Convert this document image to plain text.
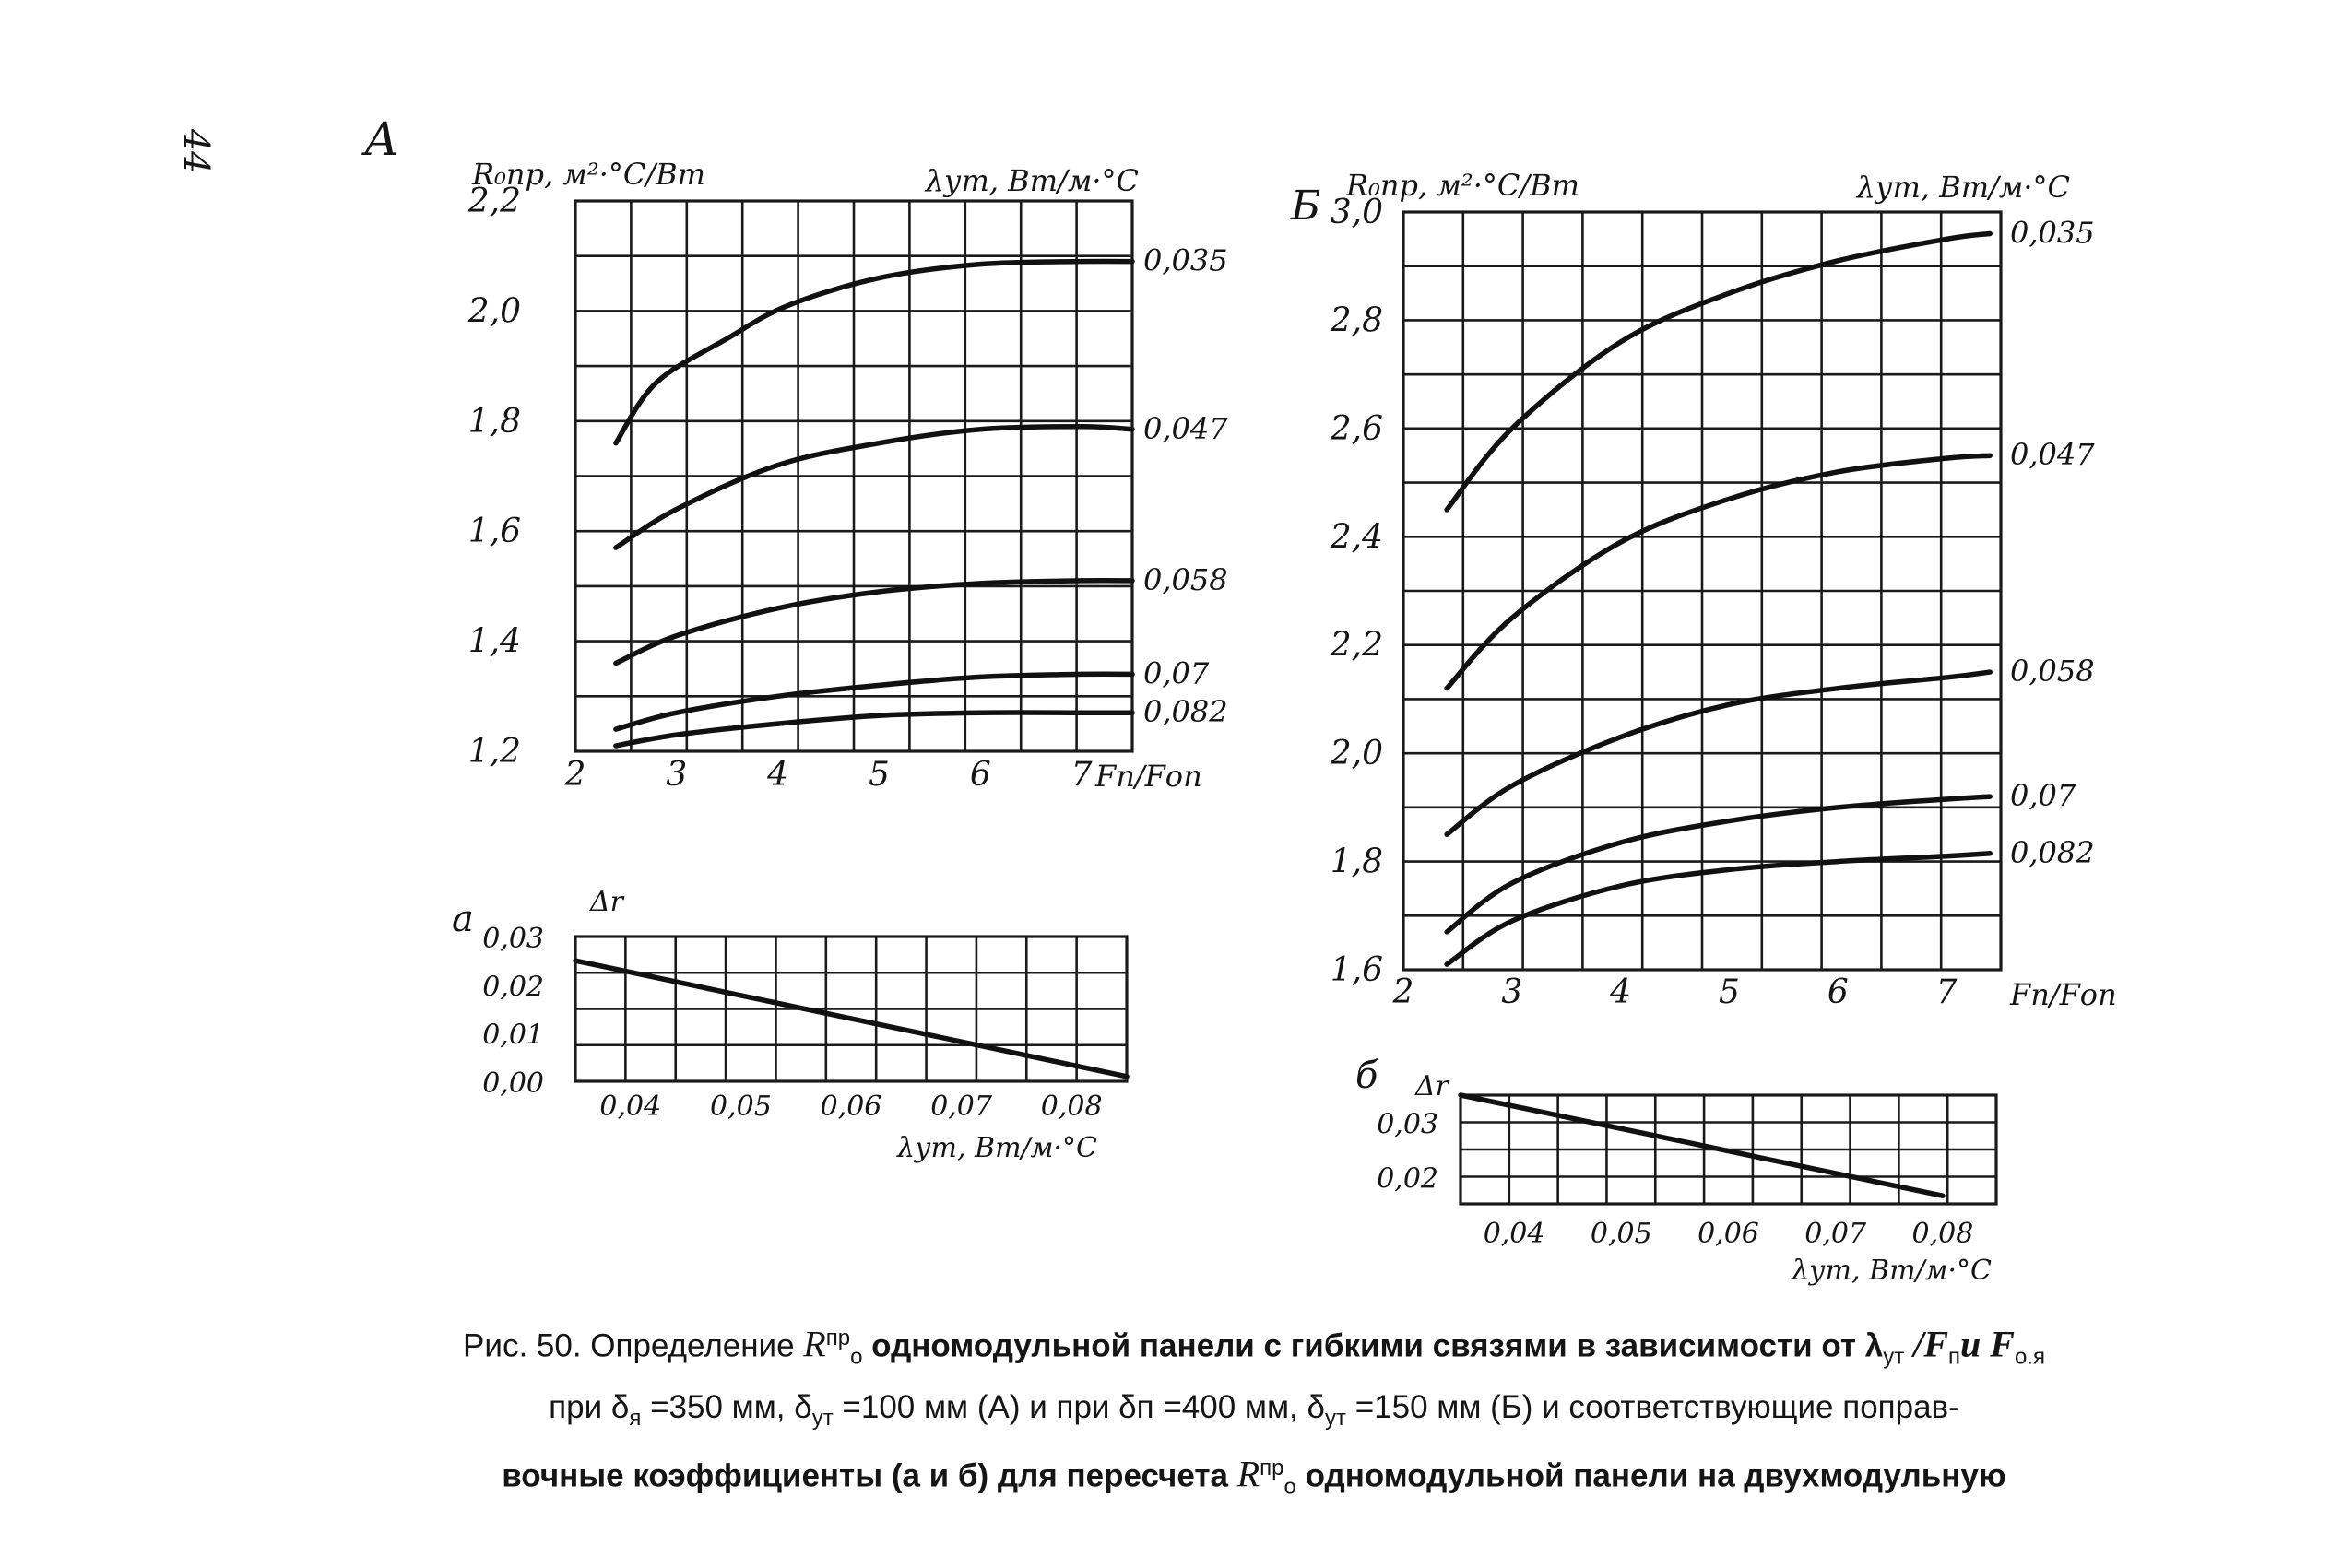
44
2 3 4 5 6 7
1,2
1,4
1,6
1,8
2,0
2,2
А
R₀пр, м²·°C/Вт
Fп/Fоп
λут, Вт/м·°C
0,035
0,047
0,058
0,07
0,082
0,04 0,05 0,06 0,07 0,08
0,00
0,01
0,02
0,03
а	Δr
λут, Вт/м·°C
2	3	4	5	6	7
1,6
1,8
2,0
2,2
2,4
2,6
2,8
3,0
Б R₀пр, м²·°C/Вт
Fп/Fоп
λут, Вт/м·°C
0,035
0,047
0,058
0,07
0,082
0,04 0,05 0,06 0,07 0,08
0,02
0,03
б Δr
λут, Вт/м·°C
Рис. 50. Определение $R^{пр}_o$ одномодульной панели с гибкими связями в зависимости от $\lambda_{ут}$ $/F_пи$ $F_{о.я}$
при $\delta_я =350$ мм, $\delta_{ут} =100$ мм (А) и при δп =400 мм, $\delta_{ут} =150$ мм (Б) и соответствующие поправ-
вочные коэффициенты (а и б) для пересчета $R^{пр}_o$ одномодульной панели на двухмодульную
